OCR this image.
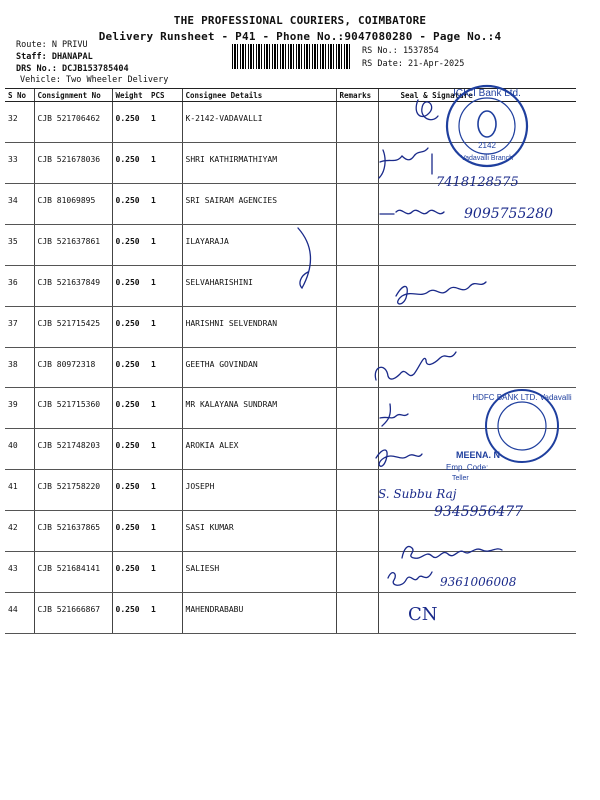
THE PROFESSIONAL COURIERS, COIMBATORE
Delivery Runsheet - P41 - Phone No.:9047080280 - Page No.:4
Route: N PRIVU
Staff: DHANAPAL
DRS No.: DCJB153785404
Vehicle: Two Wheeler Delivery
RS No.: 1537854
RS Date: 21-Apr-2025
S No	Consignment No	Weight	PCS	Consignee Details	Remarks	Seal & Signature
32	CJB 521706462	0.250	1	K-2142-VADAVALLI		
33	CJB 521678036	0.250	1	SHRI KATHIRMATHIYAM		
34	CJB 81069895	0.250	1	SRI SAIRAM AGENCIES		
35	CJB 521637861	0.250	1	ILAYARAJA		
36	CJB 521637849	0.250	1	SELVAHARISHINI		
37	CJB 521715425	0.250	1	HARISHNI SELVENDRAN		
38	CJB 80972318	0.250	1	GEETHA GOVINDAN		
39	CJB 521715360	0.250	1	MR KALAYANA SUNDRAM		
40	CJB 521748203	0.250	1	AROKIA ALEX		
41	CJB 521758220	0.250	1	JOSEPH		
42	CJB 521637865	0.250	1	SASI KUMAR		
43	CJB 521684141	0.250	1	SALIESH		
44	CJB 521666867	0.250	1	MAHENDRABABU		
ICICI Bank Ltd.
2142
Vadavalli Branch
7418128575
9095755280
HDFC BANK LTD. Vadavalli
MEENA. N
Emp. Code:
Teller
S. Subbu Raj
9345956477
9361006008
CN
